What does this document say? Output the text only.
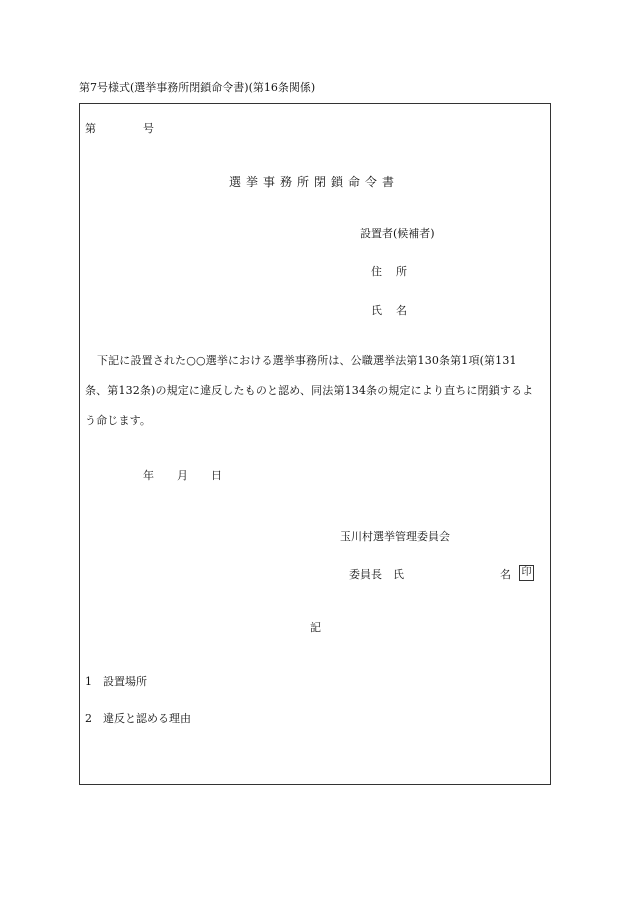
第7号様式(選挙事務所閉鎖命令書)(第16条関係)
第	号
選挙事務所閉鎖命令書
設置者(候補者)
住所
氏名
下記に設置された○○選挙における選挙事務所は、公職選挙法第130条第1項(第131
条、第132条)の規定に違反したものと認め、同法第134条の規定により直ちに閉鎖するよ
う命じます。
年 月 日
玉川村選挙管理委員会
委員長　氏	名 印
記
1　設置場所
2　違反と認める理由
